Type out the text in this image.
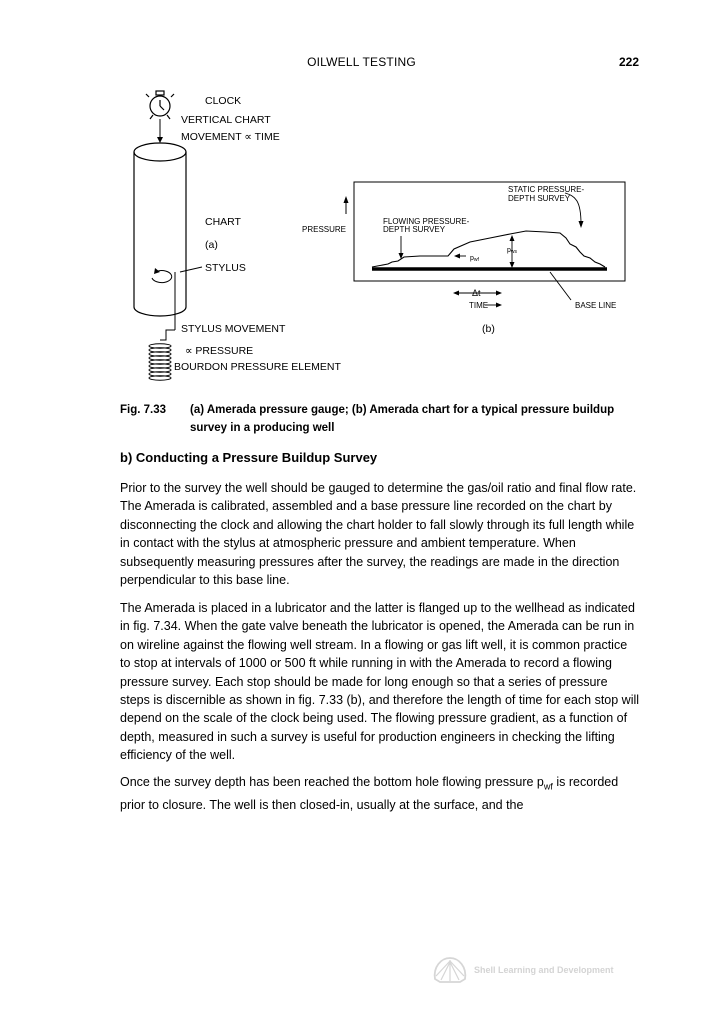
OILWELL TESTING	222
CLOCK
VERTICAL CHART
MOVEMENT ∝ TIME
CHART
(a)
STYLUS
STYLUS MOVEMENT
∝ PRESSURE
BOURDON PRESSURE ELEMENT
STATIC PRESSURE-
DEPTH SURVEY
PRESSURE
FLOWING PRESSURE-
DEPTH SURVEY
TIME	BASE LINE
pws
pwf
Δt
(b)
Fig. 7.33 (a) Amerada pressure gauge; (b) Amerada chart for a typical pressure buildup survey in a producing well
b) Conducting a Pressure Buildup Survey

Prior to the survey the well should be gauged to determine the gas/oil ratio and final flow rate. The Amerada is calibrated, assembled and a base pressure line recorded on the chart by disconnecting the clock and allowing the chart holder to fall slowly through its full length while in contact with the stylus at atmospheric pressure and ambient temperature. When subsequently measuring pressures after the survey, the readings are made in the direction perpendicular to this base line.

The Amerada is placed in a lubricator and the latter is flanged up to the wellhead as indicated in fig. 7.34. When the gate valve beneath the lubricator is opened, the Amerada can be run in on wireline against the flowing well stream. In a flowing or gas lift well, it is common practice to stop at intervals of 1000 or 500 ft while running in with the Amerada to record a flowing pressure survey. Each stop should be made for long enough so that a series of pressure steps is discernible as shown in fig. 7.33 (b), and therefore the length of time for each stop will depend on the scale of the clock being used. The flowing pressure gradient, as a function of depth, measured in such a survey is useful for production engineers in checking the lifting efficiency of the well.

Once the survey depth has been reached the bottom hole flowing pressure $p_{wf}$ is recorded prior to closure. The well is then closed-in, usually at the surface, and the

Shell Learning and Development
